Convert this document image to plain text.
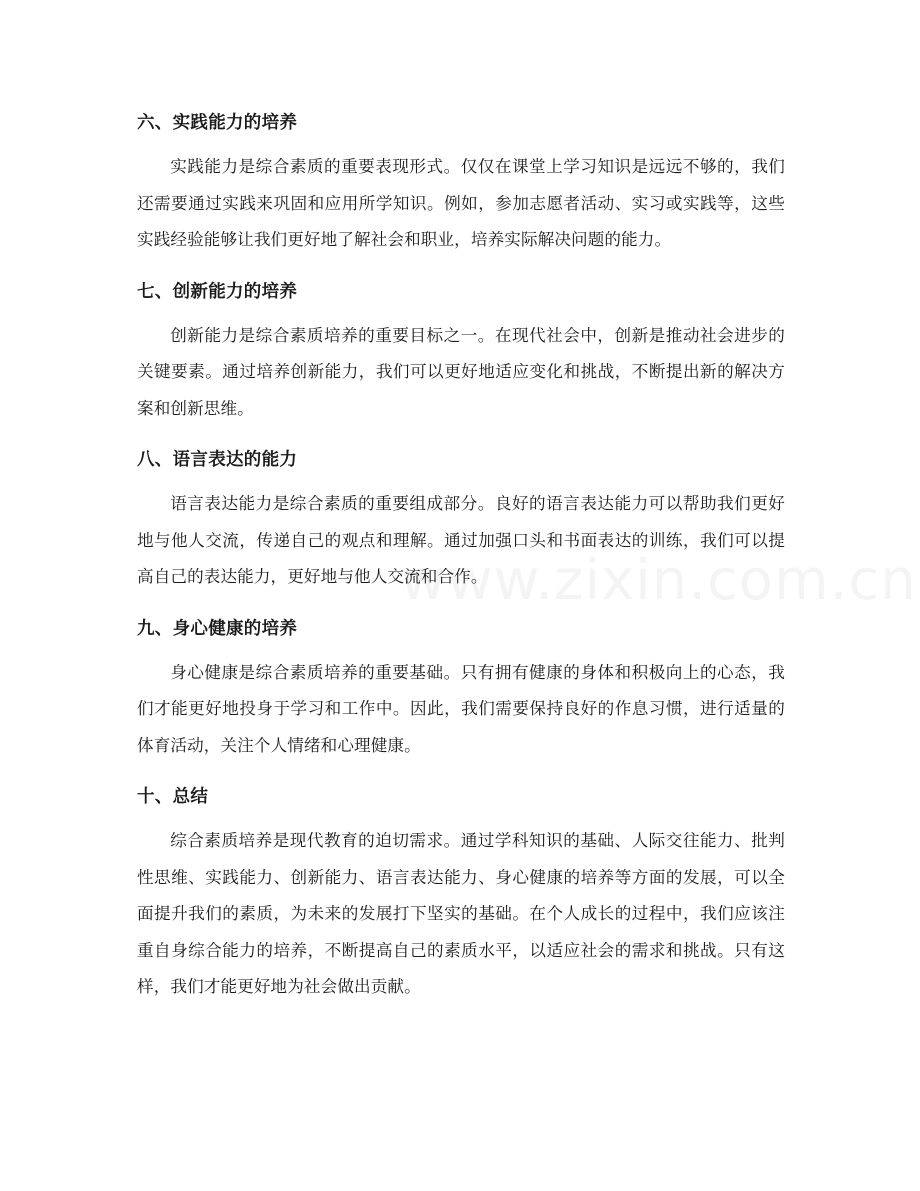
六、实践能力的培养

实践能力是综合素质的重要表现形式。仅仅在课堂上学习知识是远远不够的，我们还需要通过实践来巩固和应用所学知识。例如，参加志愿者活动、实习或实践等，这些实践经验能够让我们更好地了解社会和职业，培养实际解决问题的能力。

七、创新能力的培养

创新能力是综合素质培养的重要目标之一。在现代社会中，创新是推动社会进步的关键要素。通过培养创新能力，我们可以更好地适应变化和挑战，不断提出新的解决方案和创新思维。

八、语言表达的能力

语言表达能力是综合素质的重要组成部分。良好的语言表达能力可以帮助我们更好地与他人交流，传递自己的观点和理解。通过加强口头和书面表达的训练，我们可以提高自己的表达能力，更好地与他人交流和合作。

九、身心健康的培养

身心健康是综合素质培养的重要基础。只有拥有健康的身体和积极向上的心态，我们才能更好地投身于学习和工作中。因此，我们需要保持良好的作息习惯，进行适量的体育活动，关注个人情绪和心理健康。

十、总结

综合素质培养是现代教育的迫切需求。通过学科知识的基础、人际交往能力、批判性思维、实践能力、创新能力、语言表达能力、身心健康的培养等方面的发展，可以全面提升我们的素质，为未来的发展打下坚实的基础。在个人成长的过程中，我们应该注重自身综合能力的培养，不断提高自己的素质水平，以适应社会的需求和挑战。只有这样，我们才能更好地为社会做出贡献。
